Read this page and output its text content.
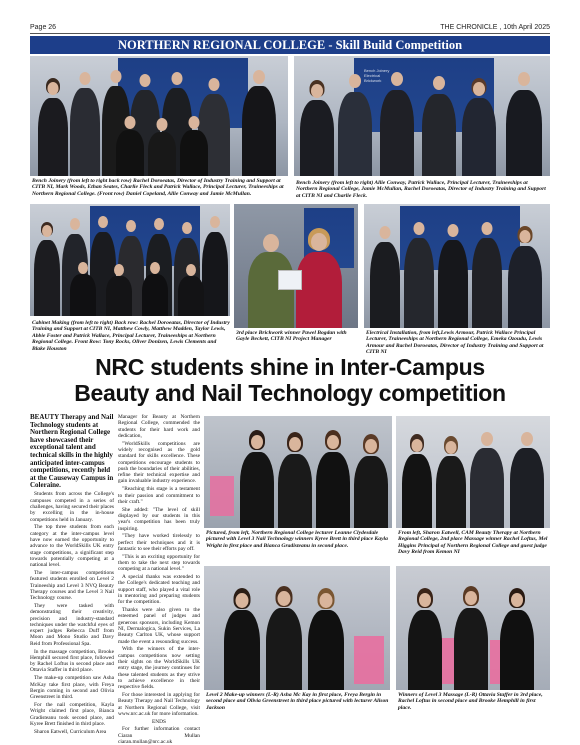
Page 26	THE CHRONICLE , 10th April 2025
NORTHERN REGIONAL COLLEGE - Skill Build Competition
Bench Joinery (from left to right back row) Rachel Doroeatas, Director of Industry Training and Support at CITB NI, Mark Woods, Ethan Seates, Charlie Fleck and Patrick Wallace, Principal Lecturer, Traineeships at Northern Regional College. (Front row) Daniel Copeland, Allie Conway and Jamie McMullan.
Bench Joinery
Electrical
Brickwork
Bench Joinery (from left to right) Allie Conway, Patrick Wallace, Principal Lecturer, Traineeships at Northern Regional College, Jamie McMullan, Rachel Doroeatas, Director of Industry Training and Support at CITB NI and Charlie Fleck.
Cabinet Making (from left to right) Back row: Rachel Doroeatas, Director of Industry Training and Support at CITB NI, Matthew Cowly, Matthew Madden, Taylor Lewis, Abbie Foster and Patrick Wallace, Principal Lecturer, Traineeships at Northern Regional College. Front Row: Tony Rocks, Oliver Donizen, Lewis Clements and Blake Houston
3rd place Brickwork winner Pawel Bogdan with Gayle Beckett, CITB NI Project Manager
Electrical Installation, from left,Lewis Armour, Patrick Wallace Principal Lecturer, Traineeships at Northern Regional College, Emeka Ozoudu, Lewis Armour and Rachel Doroeatas, Director of Industry Training and Support at CITB NI
NRC students shine in Inter-Campus
Beauty and Nail Technology competition

BEAUTY Therapy and Nail Technology students at Northern Regional College have showcased their exceptional talent and technical skills in the highly anticipated inter-campus competitions, recently held at the Causeway Campus in Coleraine.

Students from across the College's campuses competed in a series of challenges, having secured their places by excelling in the in-house competitions held in January.

The top three students from each category at the inter-campus level have now earned the opportunity to advance to the WorldSkills UK entry stage competitions, a significant step towards potentially competing at a national level.

The inter-campus competitions featured students enrolled on Level 2 Traineeship and Level 3 NVQ Beauty Therapy courses and the Level 3 Nail Technology course.

They were tasked with demonstrating their creativity, precision and industry-standard techniques under the watchful eyes of expert judges Rebecca Duff from Moon and Mono Studio and Davy Reid from Professional Spa.

In the massage competition, Brooke Hemphill secured first place, followed by Rachel Loftus in second place and Ottavia Staffer in third place.

The make-up competition saw Asha McKay take first place, with Freya Bergin coming in second and Olivia Greenstreet in third.

For the nail competition, Kayla Wright claimed first place, Bianca Gradisteanu took second place, and Kyree Brett finished in third place.

Sharon Eatwell, Curriculum Area

Manager for Beauty at Northern Regional College, commended the students for their hard work and dedication,

"WorldSkills competitions are widely recognised as the gold standard for skills excellence. These competitions encourage students to push the boundaries of their abilities, refine their technical expertise and gain invaluable industry experience.

"Reaching this stage is a testament to their passion and commitment to their craft."

She added: "The level of skill displayed by our students in this year's competition has been truly inspiring.

"They have worked tirelessly to perfect their techniques and it is fantastic to see their efforts pay off.

"This is an exciting opportunity for them to take the next step towards competing at a national level."

A special thanks was extended to the College's dedicated teaching and support staff, who played a vital role in mentoring and preparing students for the competition.

Thanks were also given to the esteemed panel of judges and generous sponsors, including Kemon NI, Dermalogica, Sukin Services, La Beauty Carlton UK, whose support made the event a resounding success.

With the winners of the inter-campus competitions now setting their sights on the WorldSkills UK entry stage, the journey continues for these talented students as they strive to achieve excellence in their respective fields.

For those interested in applying for Beauty Therapy and Nail Technology at Northern Regional College, visit www.nrc.ac.uk for more information.

ENDS

For further information contact Ciaran Mullan ciaran.mullan@nrc.ac.uk

Pictured, from left, Northern Regional College lecturer Leanne Clydesdale pictured with Level 3 Nail Technology winners Kyree Brett in third place Kayla Wright in first place and Bianca Gradisteanu in second place.
From left, Sharon Eatwell, CAM Beauty Therapy at Northern Regional College, 2nd place Massage winner Rachel Loftus, Mel Higgins Principal of Northern Regional College and guest judge Davy Reid from Kemon NI
Level 2 Make-up winners (L-R) Asha Mc Kay in first place, Freya Bergin in second place and Olivia Greenstreet in third place pictured with lecturer Alison Jackson
Winners of Level 3 Massage (L-R) Ottavia Staffer in 3rd place, Rachel Loftus in second place and Brooke Hemphill in first place.
